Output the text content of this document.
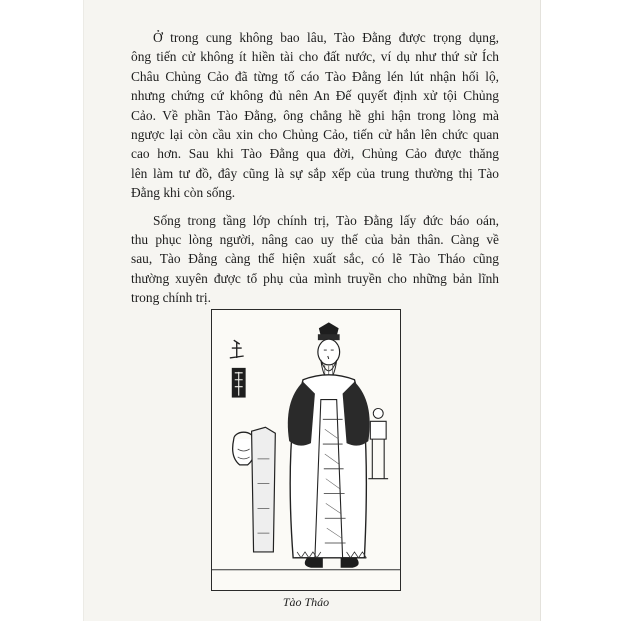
Ở trong cung không bao lâu, Tào Đằng được trọng dụng,
ông tiến cử không ít hiền tài cho đất nước, ví dụ như thứ sử Ích
Châu Chủng Cảo đã từng tố cáo Tào Đằng lén lút nhận hối lộ,
nhưng chứng cứ không đủ nên An Đế quyết định xử tội Chủng
Cảo. Về phần Tào Đằng, ông chẳng hề ghi hận trong lòng mà
ngược lại còn cầu xin cho Chủng Cảo, tiến cử hắn lên chức quan
cao hơn. Sau khi Tào Đằng qua đời, Chủng Cảo được thăng
lên làm tư đồ, đây cũng là sự sắp xếp của trung thường thị Tào
Đằng khi còn sống.

Sống trong tầng lớp chính trị, Tào Đằng lấy đức báo oán,
thu phục lòng người, nâng cao uy thế của bản thân. Càng về
sau, Tào Đằng càng thể hiện xuất sắc, có lẽ Tào Tháo cũng
thường xuyên được tổ phụ của mình truyền cho những bản lĩnh
trong chính trị.

Tào Tháo
